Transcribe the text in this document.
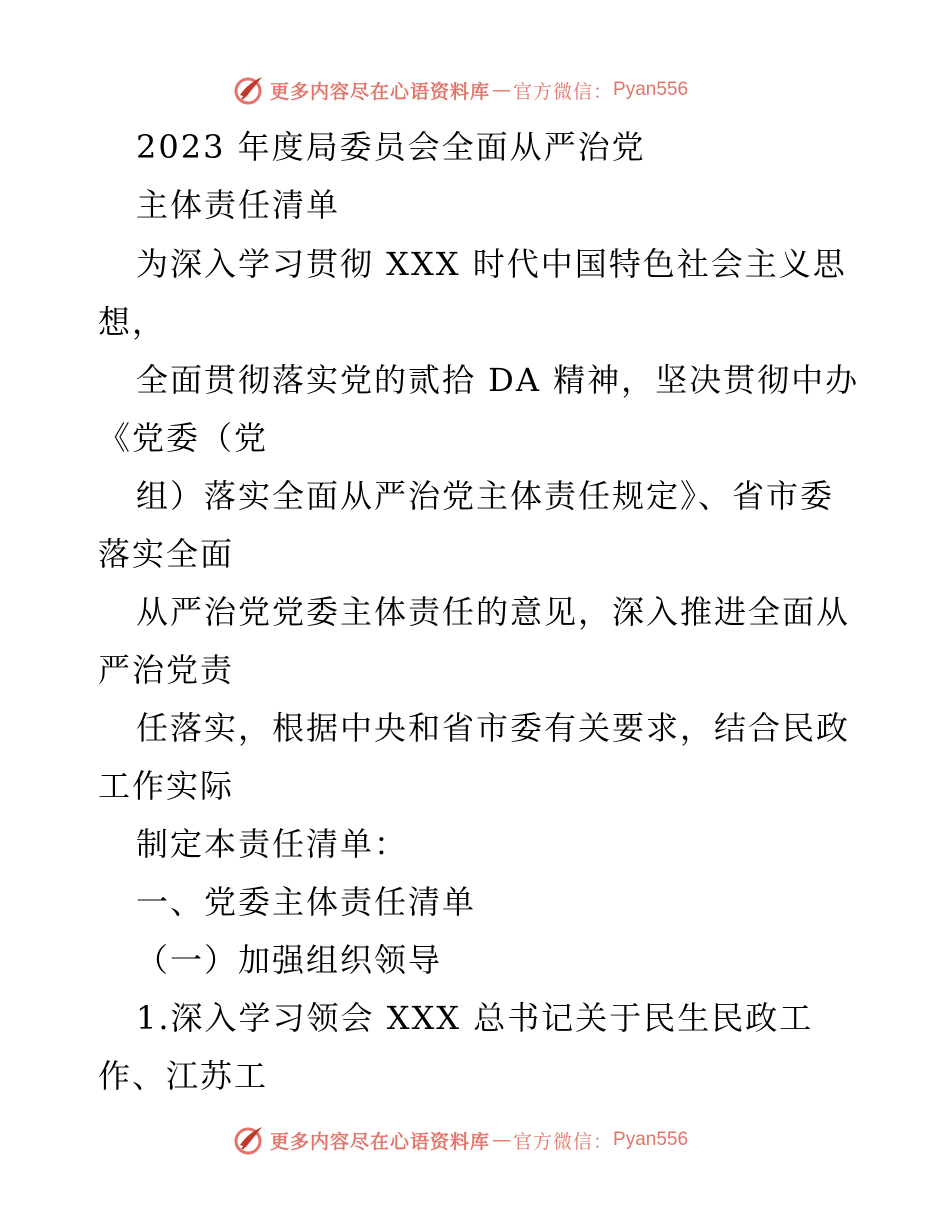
更多内容尽在心语资料库 — 官方微信： Pyan556

2023 年度局委员会全面从严治党

主体责任清单

为深入学习贯彻 XXX 时代中国特色社会主义思

想，

全面贯彻落实党的贰拾 DA 精神，坚决贯彻中办

《党委（党

组）落实全面从严治党主体责任规定》、省市委

落实全面

从严治党党委主体责任的意见，深入推进全面从

严治党责

任落实，根据中央和省市委有关要求，结合民政

工作实际

制定本责任清单：

一、党委主体责任清单

（一）加强组织领导

1.深入学习领会 XXX 总书记关于民生民政工

作、江苏工

更多内容尽在心语资料库 — 官方微信： Pyan556
